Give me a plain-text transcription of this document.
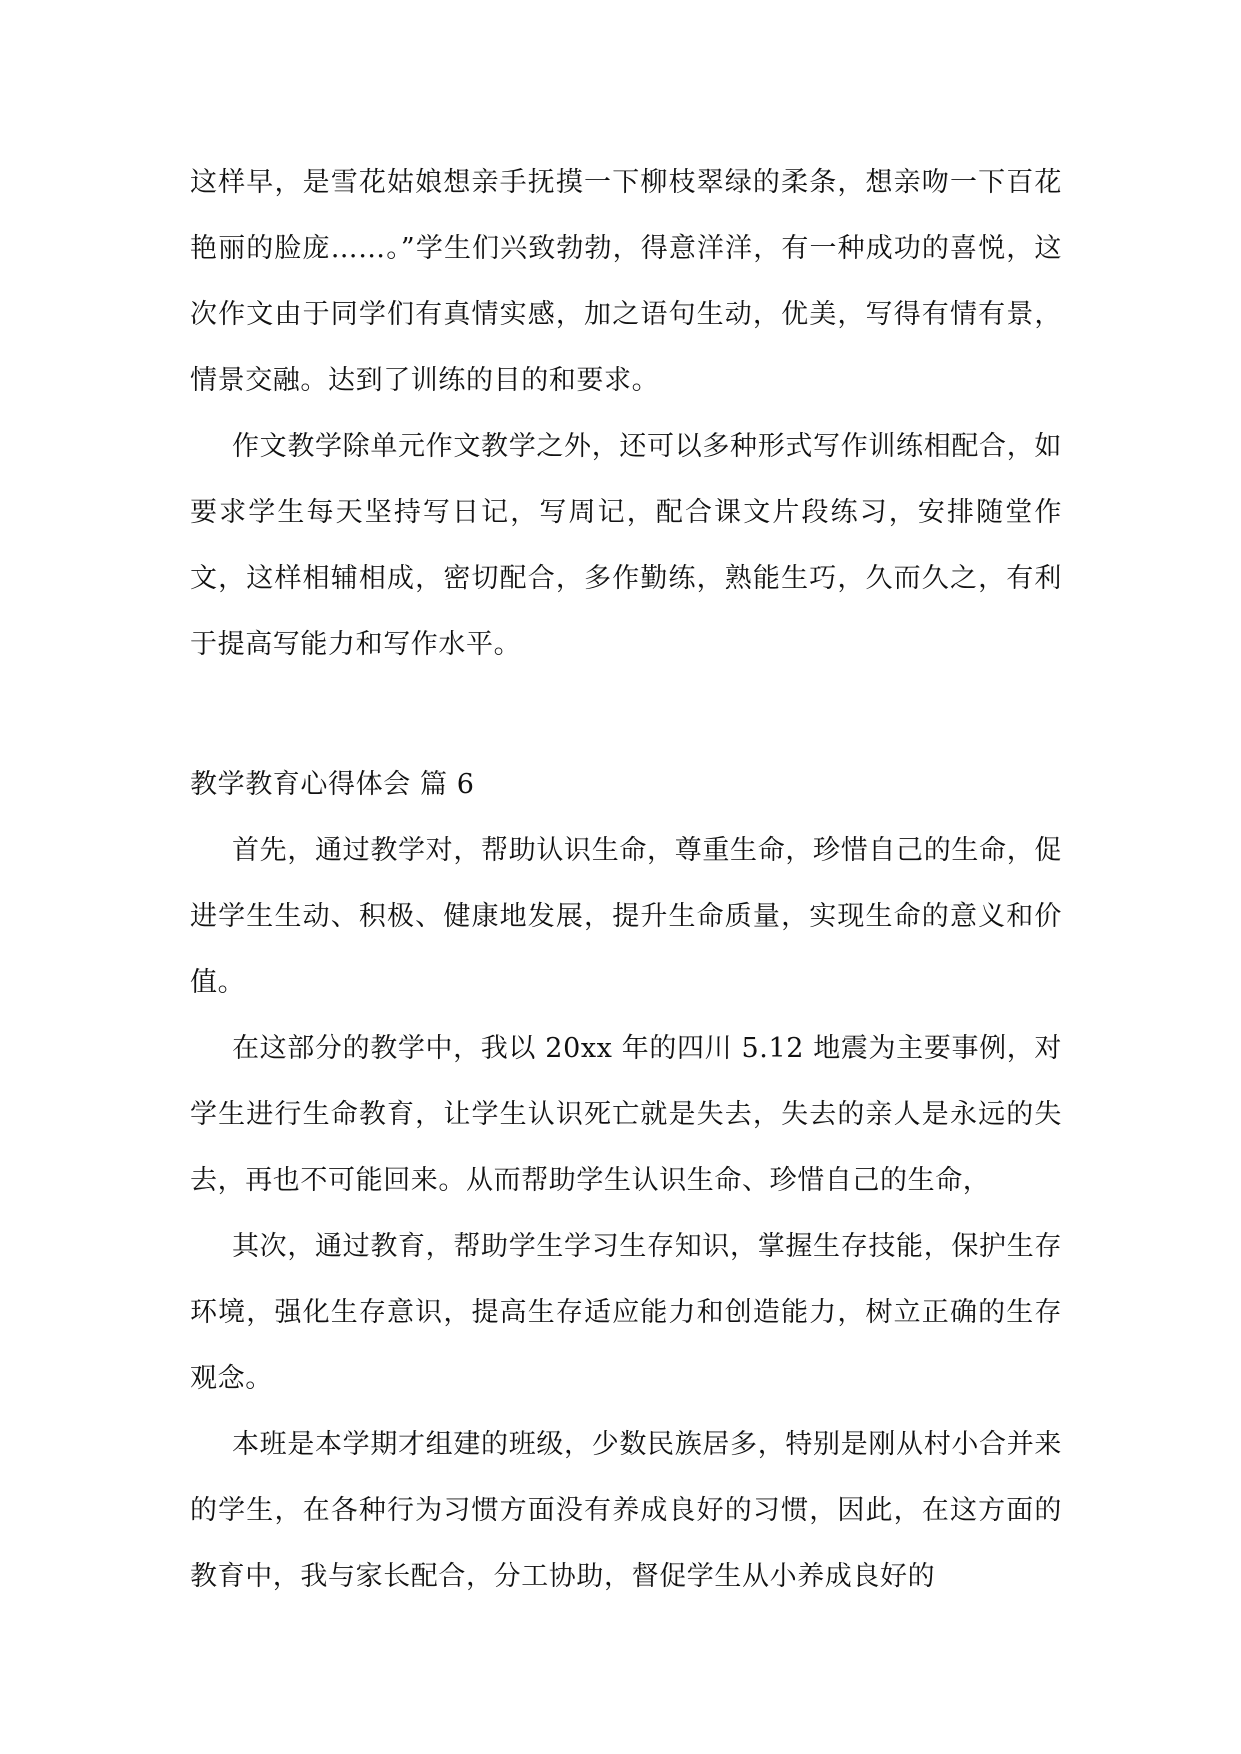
这样早，是雪花姑娘想亲手抚摸一下柳枝翠绿的柔条，想亲吻一下百花艳丽的脸庞……。”学生们兴致勃勃，得意洋洋，有一种成功的喜悦，这次作文由于同学们有真情实感，加之语句生动，优美，写得有情有景，情景交融。达到了训练的目的和要求。

作文教学除单元作文教学之外，还可以多种形式写作训练相配合，如要求学生每天坚持写日记，写周记，配合课文片段练习，安排随堂作文，这样相辅相成，密切配合，多作勤练，熟能生巧，久而久之，有利于提高写能力和写作水平。

教学教育心得体会 篇 6

首先，通过教学对，帮助认识生命，尊重生命，珍惜自己的生命，促进学生生动、积极、健康地发展，提升生命质量，实现生命的意义和价值。

在这部分的教学中，我以 20xx 年的四川 5.12 地震为主要事例，对学生进行生命教育，让学生认识死亡就是失去，失去的亲人是永远的失去，再也不可能回来。从而帮助学生认识生命、珍惜自己的生命，

其次，通过教育，帮助学生学习生存知识，掌握生存技能，保护生存环境，强化生存意识，提高生存适应能力和创造能力，树立正确的生存观念。

本班是本学期才组建的班级，少数民族居多，特别是刚从村小合并来的学生，在各种行为习惯方面没有养成良好的习惯，因此，在这方面的教育中，我与家长配合，分工协助，督促学生从小养成良好的
